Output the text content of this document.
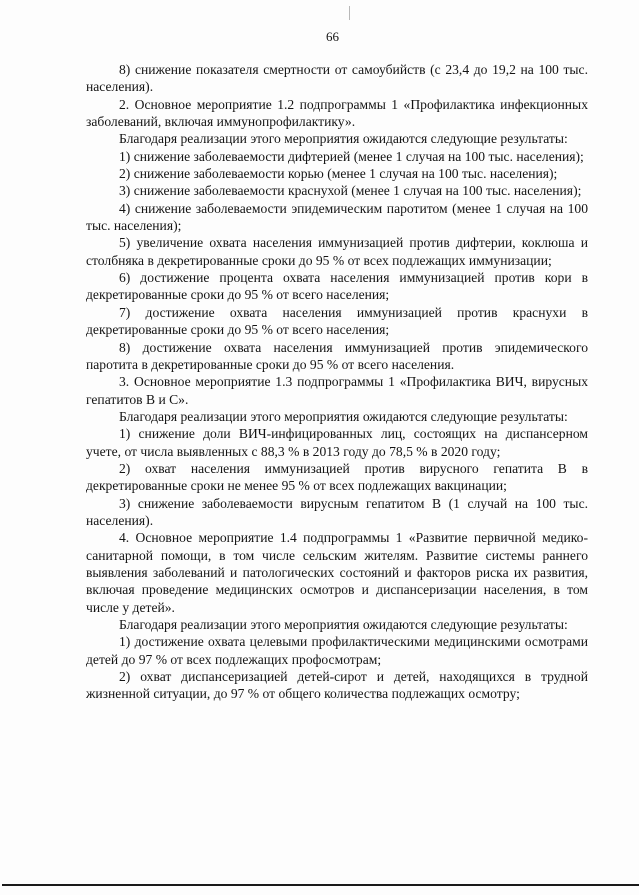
66

8) снижение показателя смертности от самоубийств (с 23,4 до 19,2 на 100 тыс. населения).

2. Основное мероприятие 1.2 подпрограммы 1 «Профилактика инфекционных заболеваний, включая иммунопрофилактику».

Благодаря реализации этого мероприятия ожидаются следующие результаты:

1) снижение заболеваемости дифтерией (менее 1 случая на 100 тыс. населения);

2) снижение заболеваемости корью (менее 1 случая на 100 тыс. населения);

3) снижение заболеваемости краснухой (менее 1 случая на 100 тыс. населения);

4) снижение заболеваемости эпидемическим паротитом (менее 1 случая на 100 тыс. населения);

5) увеличение охвата населения иммунизацией против дифтерии, коклюша и столбняка в декретированные сроки до 95 % от всех подлежащих иммунизации;

6) достижение процента охвата населения иммунизацией против кори в декретированные сроки до 95 % от всего населения;

7) достижение охвата населения иммунизацией против краснухи в декретированные сроки до 95 % от всего населения;

8) достижение охвата населения иммунизацией против эпидемического паротита в декретированные сроки до 95 % от всего населения.

3. Основное мероприятие 1.3 подпрограммы 1 «Профилактика ВИЧ, вирусных гепатитов В и С».

Благодаря реализации этого мероприятия ожидаются следующие результаты:

1) снижение доли ВИЧ-инфицированных лиц, состоящих на диспансерном учете, от числа выявленных с 88,3 % в 2013 году до 78,5 % в 2020 году;

2) охват населения иммунизацией против вирусного гепатита В в декретированные сроки не менее 95 % от всех подлежащих вакцинации;

3) снижение заболеваемости вирусным гепатитом В (1 случай на 100 тыс. населения).

4. Основное мероприятие 1.4 подпрограммы 1 «Развитие первичной медико-санитарной помощи, в том числе сельским жителям. Развитие системы раннего выявления заболеваний и патологических состояний и факторов риска их развития, включая проведение медицинских осмотров и диспансеризации населения, в том числе у детей».

Благодаря реализации этого мероприятия ожидаются следующие результаты:

1) достижение охвата целевыми профилактическими медицинскими осмотрами детей до 97 % от всех подлежащих профосмотрам;

2) охват диспансеризацией детей-сирот и детей, находящихся в трудной жизненной ситуации, до 97 % от общего количества подлежащих осмотру;
